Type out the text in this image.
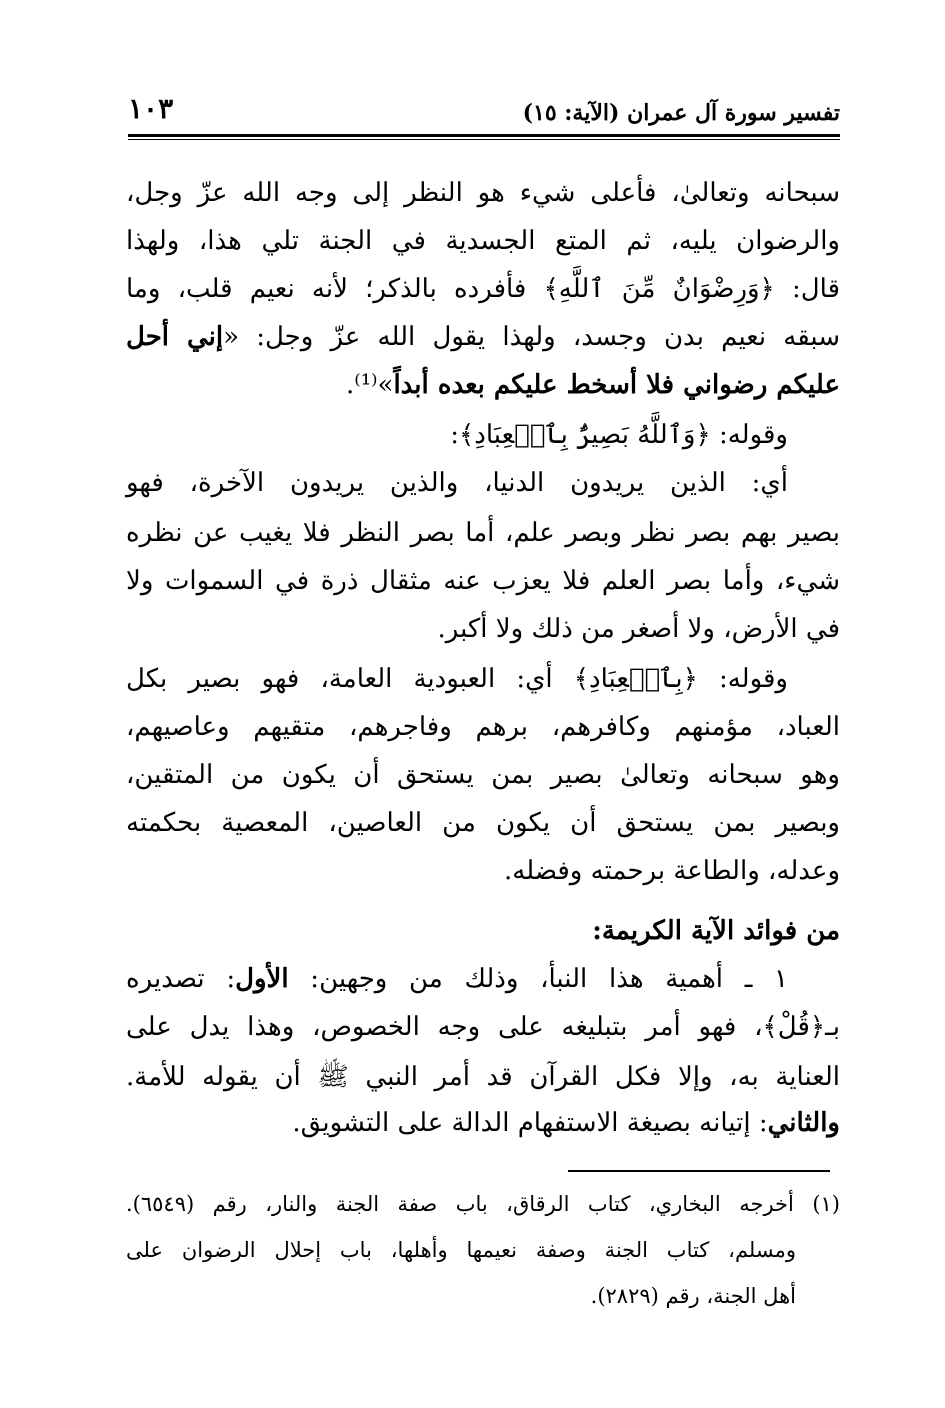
تفسير سورة آل عمران (الآية: ١٥)
١٠٣
سبحانه وتعالىٰ، فأعلى شيء هو النظر إلى وجه الله عزّ وجل،
والرضوان يليه، ثم المتع الجسدية في الجنة تلي هذا، ولهذا
قال: ﴿وَرِضْوَانٌ مِّنَ ٱللَّهِ﴾ فأفرده بالذكر؛ لأنه نعيم قلب، وما
سبقه نعيم بدن وجسد، ولهذا يقول الله عزّ وجل: «إني أحل
عليكم رضواني فلا أسخط عليكم بعده أبداً»⁽¹⁾.
وقوله: ﴿وَٱللَّهُ بَصِيرٌۢ بِٱلۡعِبَادِ﴾:
أي: الذين يريدون الدنيا، والذين يريدون الآخرة، فهو
بصير بهم بصر نظر وبصر علم، أما بصر النظر فلا يغيب عن نظره
شيء، وأما بصر العلم فلا يعزب عنه مثقال ذرة في السموات ولا
في الأرض، ولا أصغر من ذلك ولا أكبر.
وقوله: ﴿بِٱلۡعِبَادِ﴾ أي: العبودية العامة، فهو بصير بكل
العباد، مؤمنهم وكافرهم، برهم وفاجرهم، متقيهم وعاصيهم،
وهو سبحانه وتعالىٰ بصير بمن يستحق أن يكون من المتقين،
وبصير بمن يستحق أن يكون من العاصين، المعصية بحكمته
وعدله، والطاعة برحمته وفضله.
من فوائد الآية الكريمة:
١ ـ أهمية هذا النبأ، وذلك من وجهين: الأول: تصديره
بـ﴿قُلْ﴾، فهو أمر بتبليغه على وجه الخصوص، وهذا يدل على
العناية به، وإلا فكل القرآن قد أمر النبي ﷺ أن يقوله للأمة.
والثاني: إتيانه بصيغة الاستفهام الدالة على التشويق.
(١) أخرجه البخاري، كتاب الرقاق، باب صفة الجنة والنار، رقم (٦٥٤٩).
ومسلم، كتاب الجنة وصفة نعيمها وأهلها، باب إحلال الرضوان على
أهل الجنة، رقم (٢٨٢٩).
